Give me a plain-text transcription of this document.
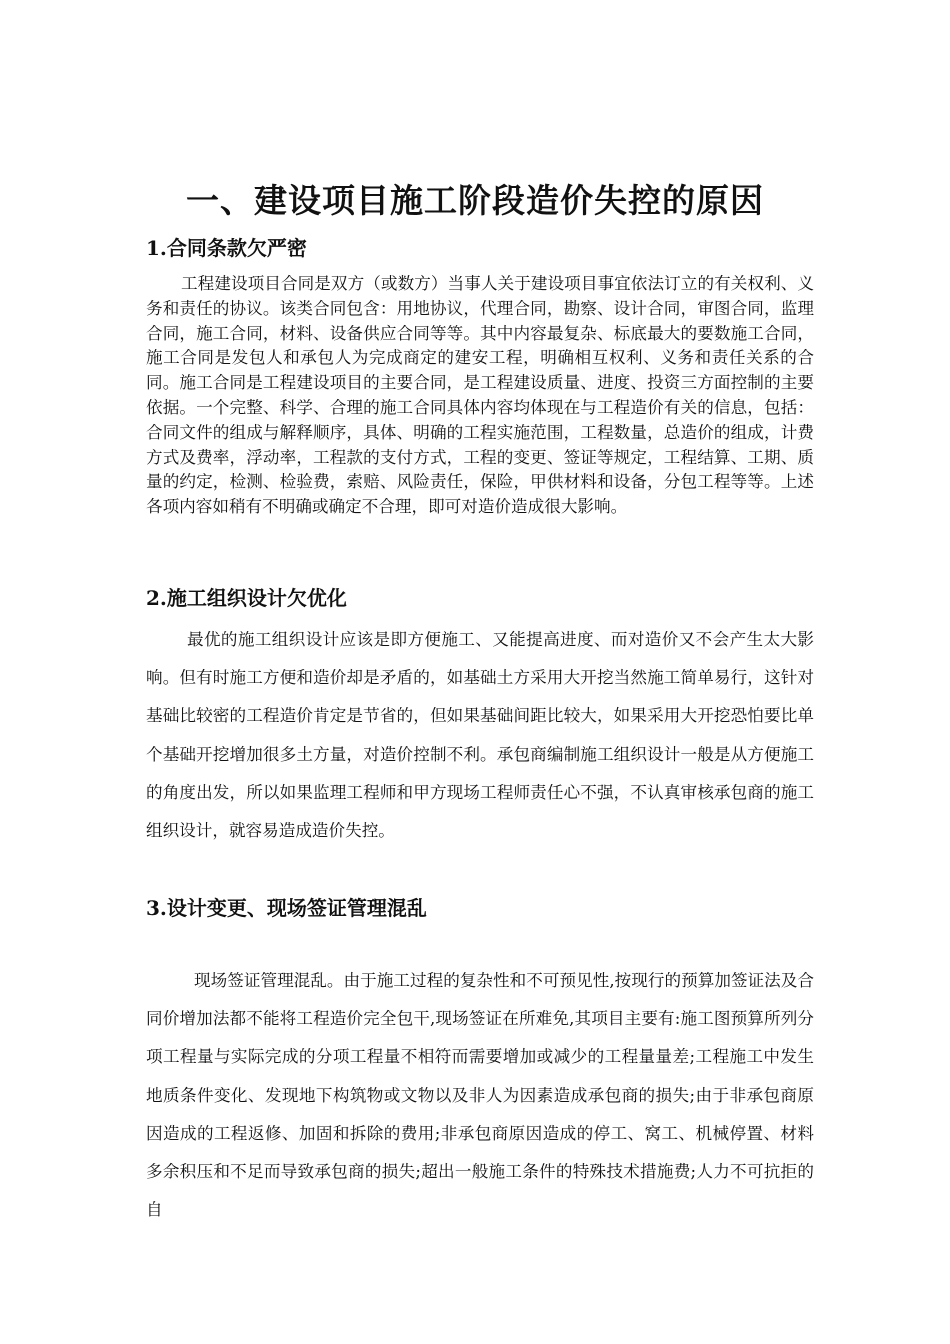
一、建设项目施工阶段造价失控的原因
1.合同条款欠严密

工程建设项目合同是双方（或数方）当事人关于建设项目事宜依法订立的有关权利、义务和责任的协议。该类合同包含：用地协议，代理合同，勘察、设计合同，审图合同，监理合同，施工合同，材料、设备供应合同等等。其中内容最复杂、标底最大的要数施工合同，施工合同是发包人和承包人为完成商定的建安工程，明确相互权利、义务和责任关系的合同。施工合同是工程建设项目的主要合同，是工程建设质量、进度、投资三方面控制的主要依据。一个完整、科学、合理的施工合同具体内容均体现在与工程造价有关的信息，包括：合同文件的组成与解释顺序，具体、明确的工程实施范围，工程数量，总造价的组成，计费方式及费率，浮动率，工程款的支付方式，工程的变更、签证等规定，工程结算、工期、质量的约定，检测、检验费，索赔、风险责任，保险，甲供材料和设备，分包工程等等。上述各项内容如稍有不明确或确定不合理，即可对造价造成很大影响。

2.施工组织设计欠优化

最优的施工组织设计应该是即方便施工、又能提高进度、而对造价又不会产生太大影响。但有时施工方便和造价却是矛盾的，如基础土方采用大开挖当然施工简单易行，这针对基础比较密的工程造价肯定是节省的，但如果基础间距比较大，如果采用大开挖恐怕要比单个基础开挖增加很多土方量，对造价控制不利。承包商编制施工组织设计一般是从方便施工的角度出发，所以如果监理工程师和甲方现场工程师责任心不强，不认真审核承包商的施工组织设计，就容易造成造价失控。

3.设计变更、现场签证管理混乱

现场签证管理混乱。由于施工过程的复杂性和不可预见性,按现行的预算加签证法及合同价增加法都不能将工程造价完全包干,现场签证在所难免,其项目主要有:施工图预算所列分项工程量与实际完成的分项工程量不相符而需要增加或减少的工程量量差;工程施工中发生地质条件变化、发现地下构筑物或文物以及非人为因素造成承包商的损失;由于非承包商原因造成的工程返修、加固和拆除的费用;非承包商原因造成的停工、窝工、机械停置、材料多余积压和不足而导致承包商的损失;超出一般施工条件的特殊技术措施费;人力不可抗拒的自
